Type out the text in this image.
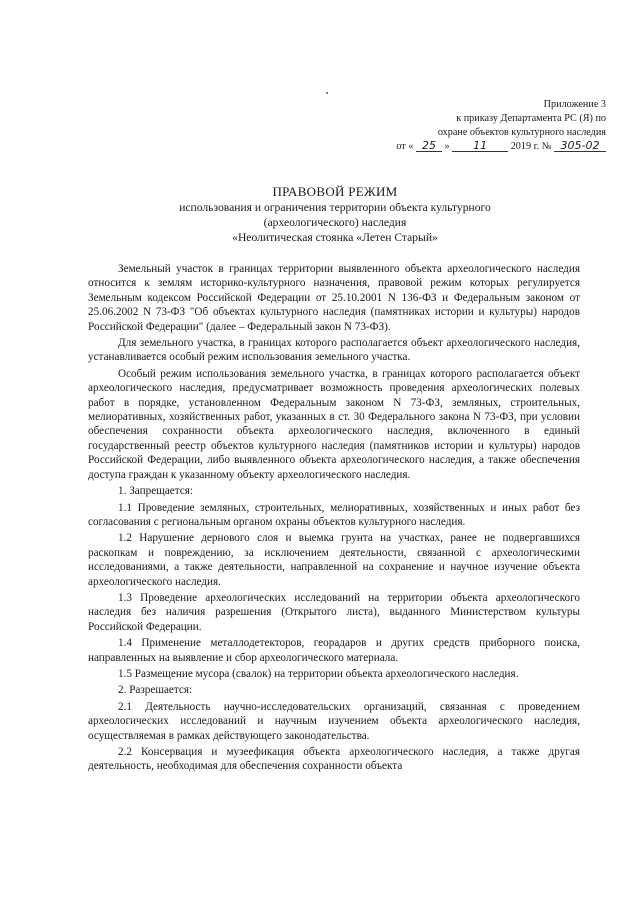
Приложение 3
к приказу Департамента РС (Я) по
охране объектов культурного наследия
от « 25 » 11 2019 г. № 305-02
ПРАВОВОЙ РЕЖИМ
использования и ограничения территории объекта культурного
(археологического) наследия
«Неолитическая стоянка «Летен Старый»

Земельный участок в границах территории выявленного объекта археологического наследия относится к землям историко-культурного назначения, правовой режим которых регулируется Земельным кодексом Российской Федерации от 25.10.2001 N 136-ФЗ и Федеральным законом от 25.06.2002 N 73-ФЗ "Об объектах культурного наследия (памятниках истории и культуры) народов Российской Федерации" (далее – Федеральный закон N 73-ФЗ).

Для земельного участка, в границах которого располагается объект археологического наследия, устанавливается особый режим использования земельного участка.

Особый режим использования земельного участка, в границах которого располагается объект археологического наследия, предусматривает возможность проведения археологических полевых работ в порядке, установленном Федеральным законом N 73-ФЗ, земляных, строительных, мелиоративных, хозяйственных работ, указанных в ст. 30 Федерального закона N 73-ФЗ, при условии обеспечения сохранности объекта археологического наследия, включенного в единый государственный реестр объектов культурного наследия (памятников истории и культуры) народов Российской Федерации, либо выявленного объекта археологического наследия, а также обеспечения доступа граждан к указанному объекту археологического наследия.

1. Запрещается:

1.1 Проведение земляных, строительных, мелиоративных, хозяйственных и иных работ без согласования с региональным органом охраны объектов культурного наследия.

1.2 Нарушение дернового слоя и выемка грунта на участках, ранее не подвергавшихся раскопкам и повреждению, за исключением деятельности, связанной с археологическими исследованиями, а также деятельности, направленной на сохранение и научное изучение объекта археологического наследия.

1.3 Проведение археологических исследований на территории объекта археологического наследия без наличия разрешения (Открытого листа), выданного Министерством культуры Российской Федерации.

1.4 Применение металлодетекторов, георадаров и других средств приборного поиска, направленных на выявление и сбор археологического материала.

1.5 Размещение мусора (свалок) на территории объекта археологического наследия.

2. Разрешается:

2.1 Деятельность научно-исследовательских организаций, связанная с проведением археологических исследований и научным изучением объекта археологического наследия, осуществляемая в рамках действующего законодательства.

2.2 Консервация и музеефикация объекта археологического наследия, а также другая деятельность, необходимая для обеспечения сохранности объекта
